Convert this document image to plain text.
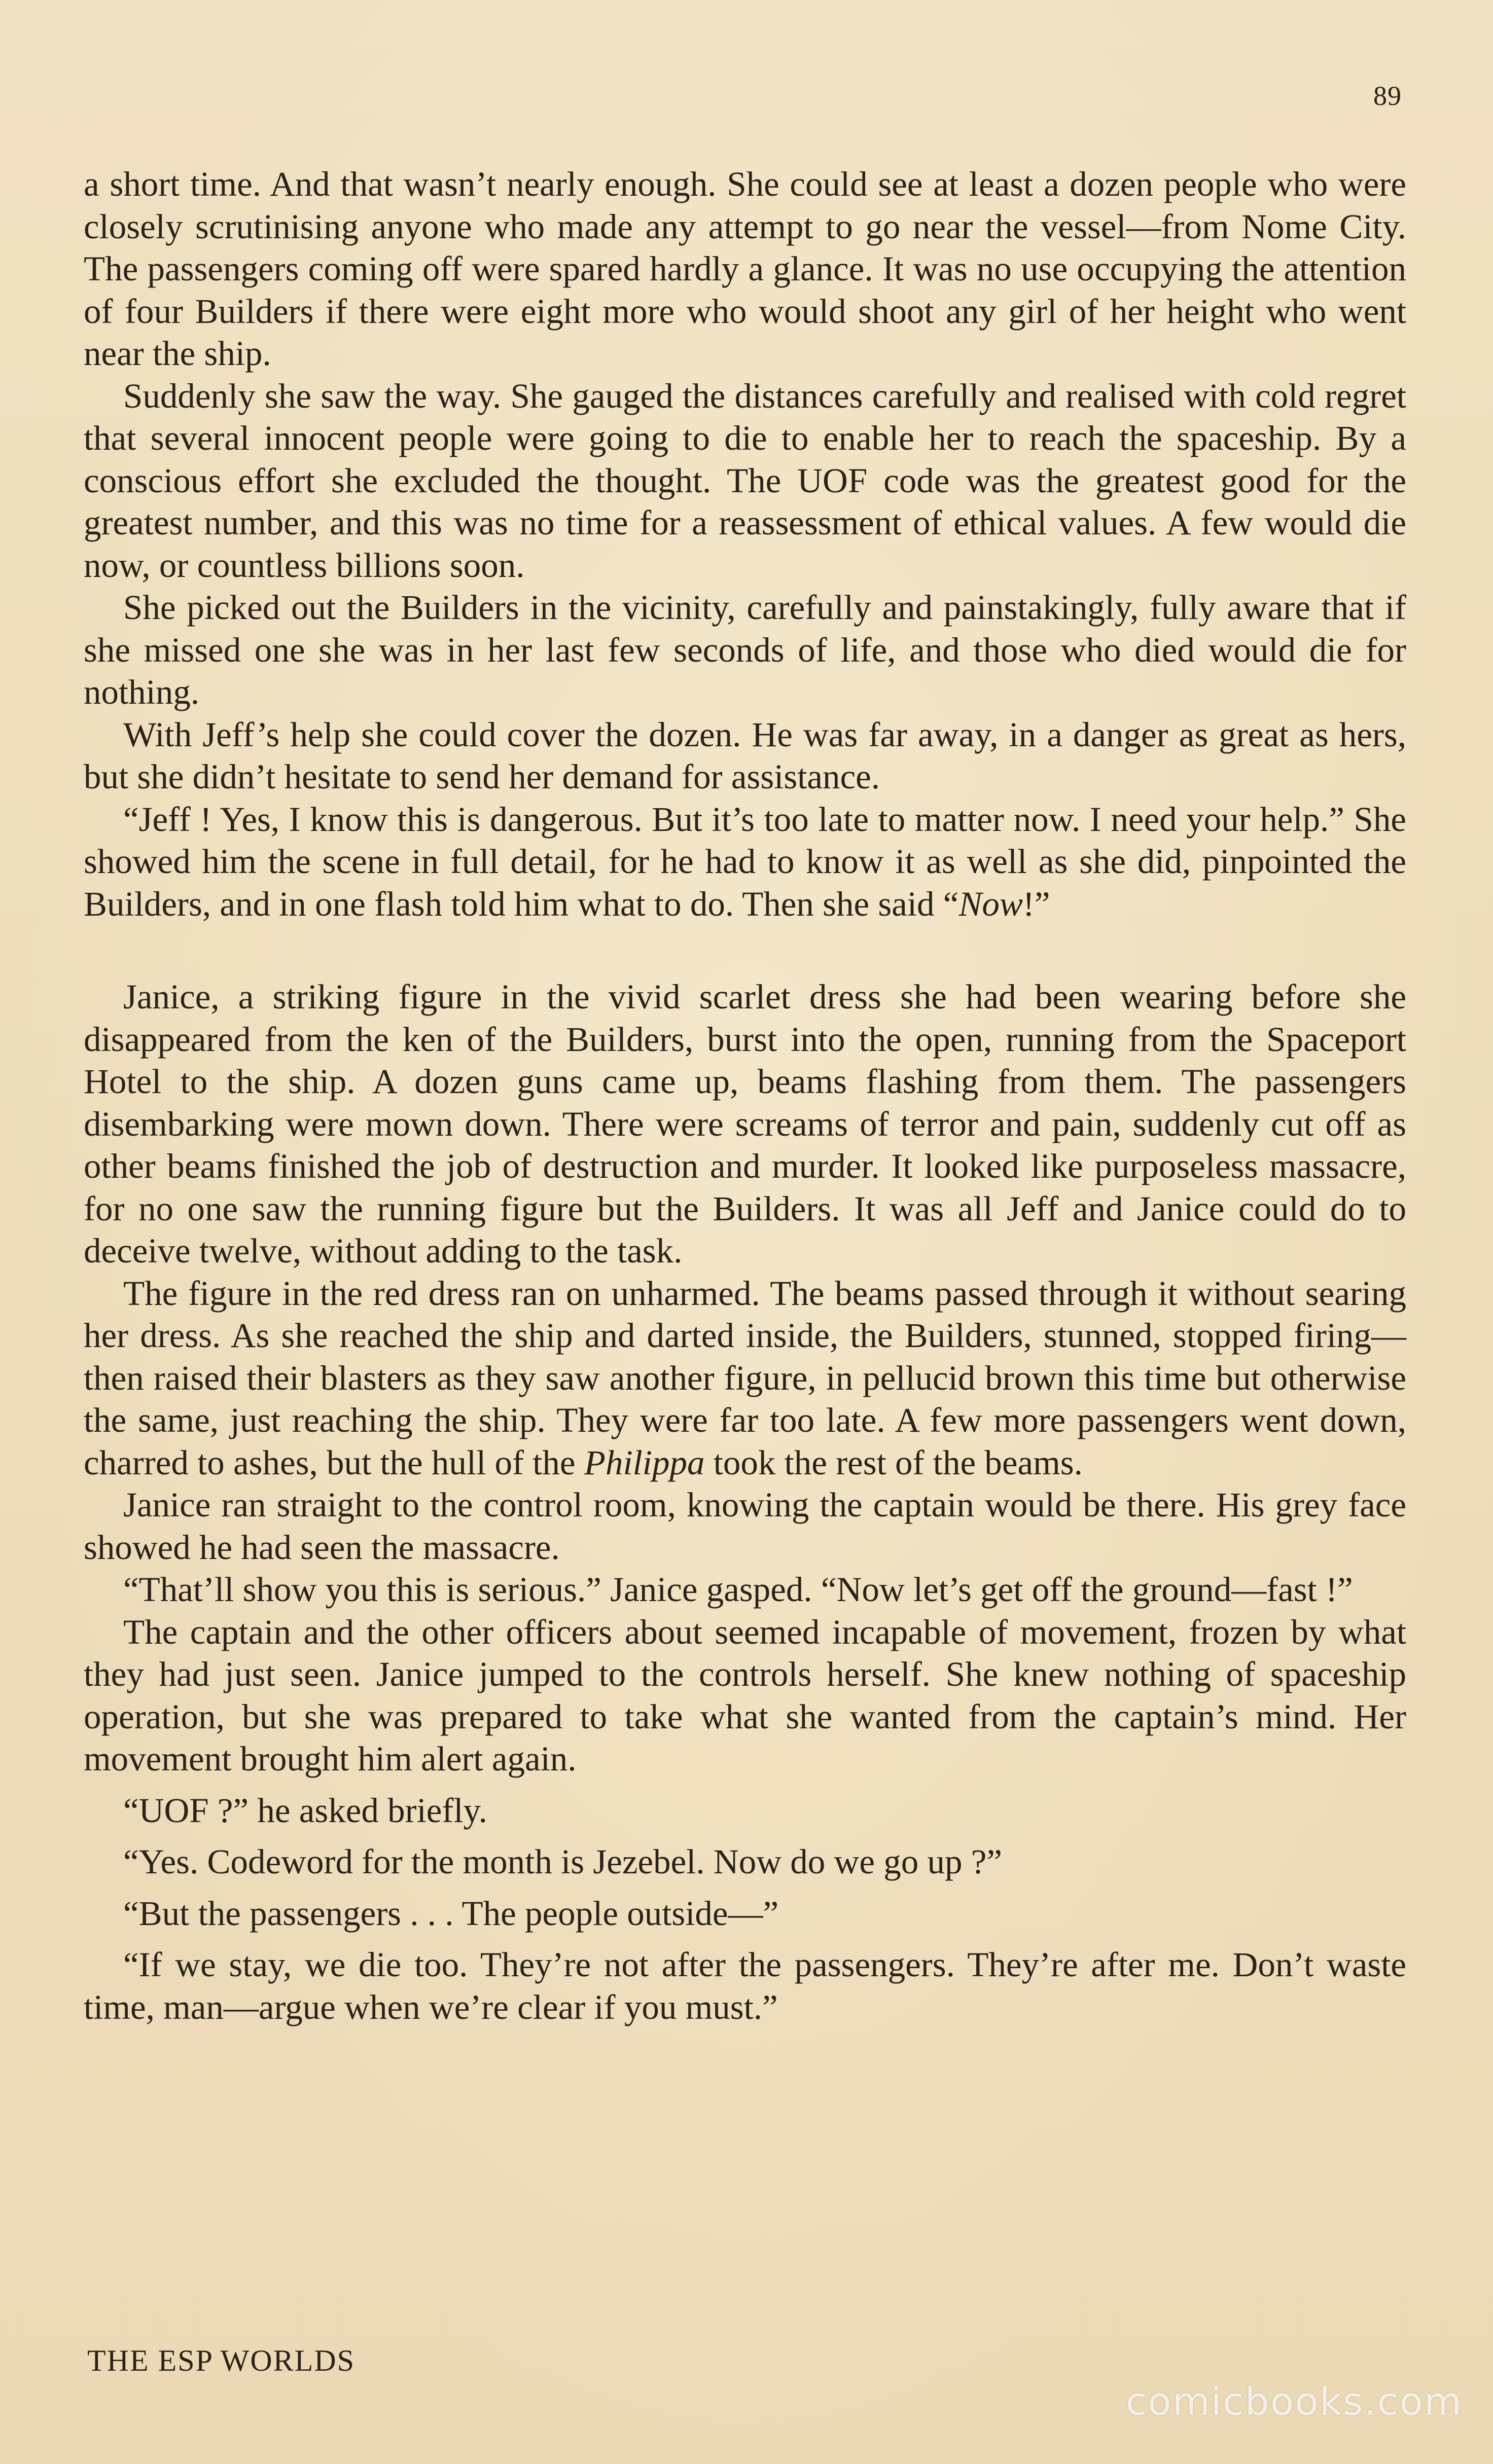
89

a short time. And that wasn’t nearly enough. She could see at least a dozen people who were closely scrutinising anyone who made any attempt to go near the vessel—from Nome City. The passengers coming off were spared hardly a glance. It was no use occupying the attention of four Builders if there were eight more who would shoot any girl of her height who went near the ship.

Suddenly she saw the way. She gauged the distances carefully and realised with cold regret that several innocent people were going to die to enable her to reach the spaceship. By a conscious effort she excluded the thought. The UOF code was the greatest good for the greatest number, and this was no time for a reassessment of ethical values. A few would die now, or countless billions soon.

She picked out the Builders in the vicinity, carefully and painstakingly, fully aware that if she missed one she was in her last few seconds of life, and those who died would die for nothing.

With Jeff’s help she could cover the dozen. He was far away, in a danger as great as hers, but she didn’t hesitate to send her demand for assistance.

“Jeff ! Yes, I know this is dangerous. But it’s too late to matter now. I need your help.” She showed him the scene in full detail, for he had to know it as well as she did, pinpointed the Builders, and in one flash told him what to do. Then she said “Now!”

Janice, a striking figure in the vivid scarlet dress she had been wearing before she disappeared from the ken of the Builders, burst into the open, running from the Spaceport Hotel to the ship. A dozen guns came up, beams flashing from them. The passengers disembarking were mown down. There were screams of terror and pain, suddenly cut off as other beams finished the job of destruction and murder. It looked like purposeless massacre, for no one saw the running figure but the Builders. It was all Jeff and Janice could do to deceive twelve, without adding to the task.

The figure in the red dress ran on unharmed. The beams passed through it without searing her dress. As she reached the ship and darted inside, the Builders, stunned, stopped firing—then raised their blasters as they saw another figure, in pellucid brown this time but otherwise the same, just reaching the ship. They were far too late. A few more passengers went down, charred to ashes, but the hull of the Philippa took the rest of the beams.

Janice ran straight to the control room, knowing the captain would be there. His grey face showed he had seen the massacre.

“That’ll show you this is serious.” Janice gasped. “Now let’s get off the ground—fast !”

The captain and the other officers about seemed incapable of movement, frozen by what they had just seen. Janice jumped to the controls herself. She knew nothing of spaceship operation, but she was prepared to take what she wanted from the captain’s mind. Her movement brought him alert again.

“UOF ?” he asked briefly.

“Yes. Codeword for the month is Jezebel. Now do we go up ?”

“But the passengers . . . The people outside—”

“If we stay, we die too. They’re not after the passengers. They’re after me. Don’t waste time, man—argue when we’re clear if you must.”

THE ESP WORLDS
comicbooks.com
